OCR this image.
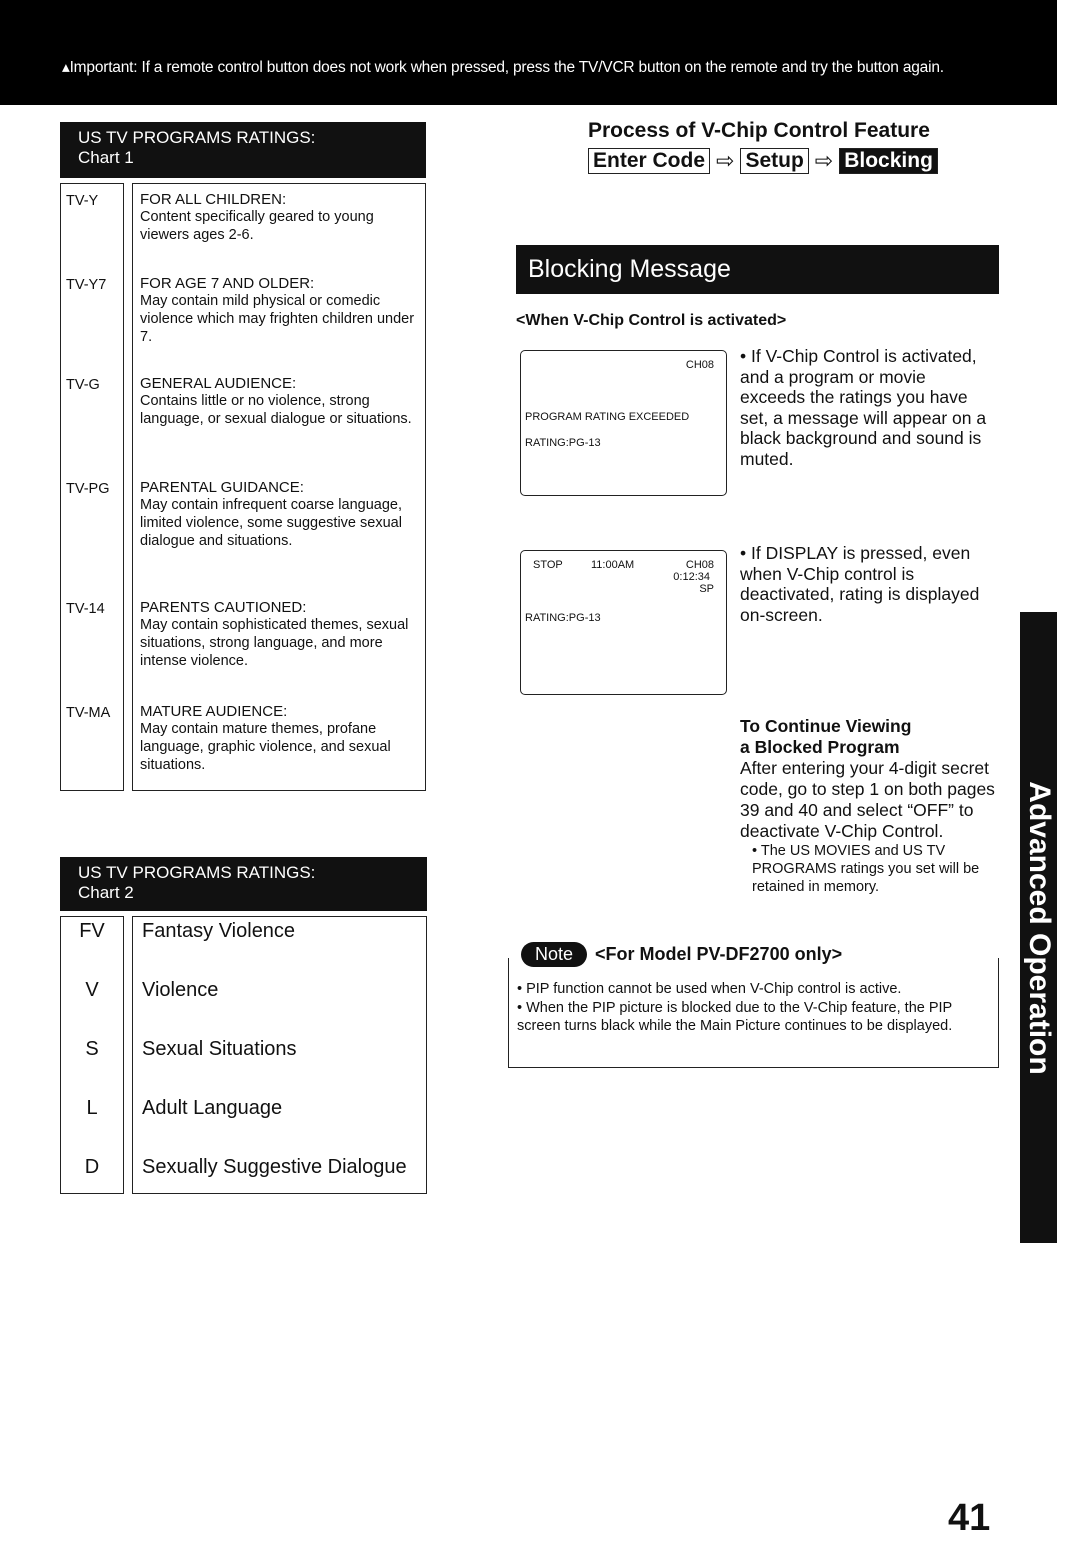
▴Important: If a remote control button does not work when pressed, press the TV/VCR button on the remote and try the button again.
US TV PROGRAMS RATINGS:
Chart 1
TV-Y	FOR ALL CHILDREN:
Content specifically geared to young viewers ages 2-6.
TV-Y7 FOR AGE 7 AND OLDER:
May contain mild physical or comedic violence which may frighten children under 7.
TV-G	GENERAL AUDIENCE:
Contains little or no violence, strong language, or sexual dialogue or situations.
TV-PG PARENTAL GUIDANCE:
May contain infrequent coarse language, limited violence, some suggestive sexual dialogue and situations.
TV-14 PARENTS CAUTIONED:
May contain sophisticated themes, sexual situations, strong language, and more intense violence.
TV-MA MATURE AUDIENCE:
May contain mature themes, profane language, graphic violence, and sexual situations.
US TV PROGRAMS RATINGS:
Chart 2
FV	Fantasy Violence
V	Violence
S	Sexual Situations
L	Adult Language
D	Sexually Suggestive Dialogue
Process of V-Chip Control Feature
Enter Code ⇨ Setup ⇨ Blocking
Blocking Message
<When V-Chip Control is activated>
CH08
PROGRAM RATING EXCEEDED
RATING:PG-13
• If V-Chip Control is activated, and a program or movie exceeds the ratings you have set, a message will appear on a black background and sound is muted.
STOP	11:00AM	CH08
0:12:34
SP
RATING:PG-13
• If DISPLAY is pressed, even when V-Chip control is deactivated, rating is displayed on-screen.
To Continue Viewing
a Blocked Program
After entering your 4-digit secret code, go to step 1 on both pages 39 and 40 and select “OFF” to deactivate V-Chip Control.
• The US MOVIES and US TV PROGRAMS ratings you set will be retained in memory.
Note	<For Model PV-DF2700 only>
• PIP function cannot be used when V-Chip control is active.
• When the PIP picture is blocked due to the V-Chip feature, the PIP screen turns black while the Main Picture continues to be displayed.	Advanced Operation
41
